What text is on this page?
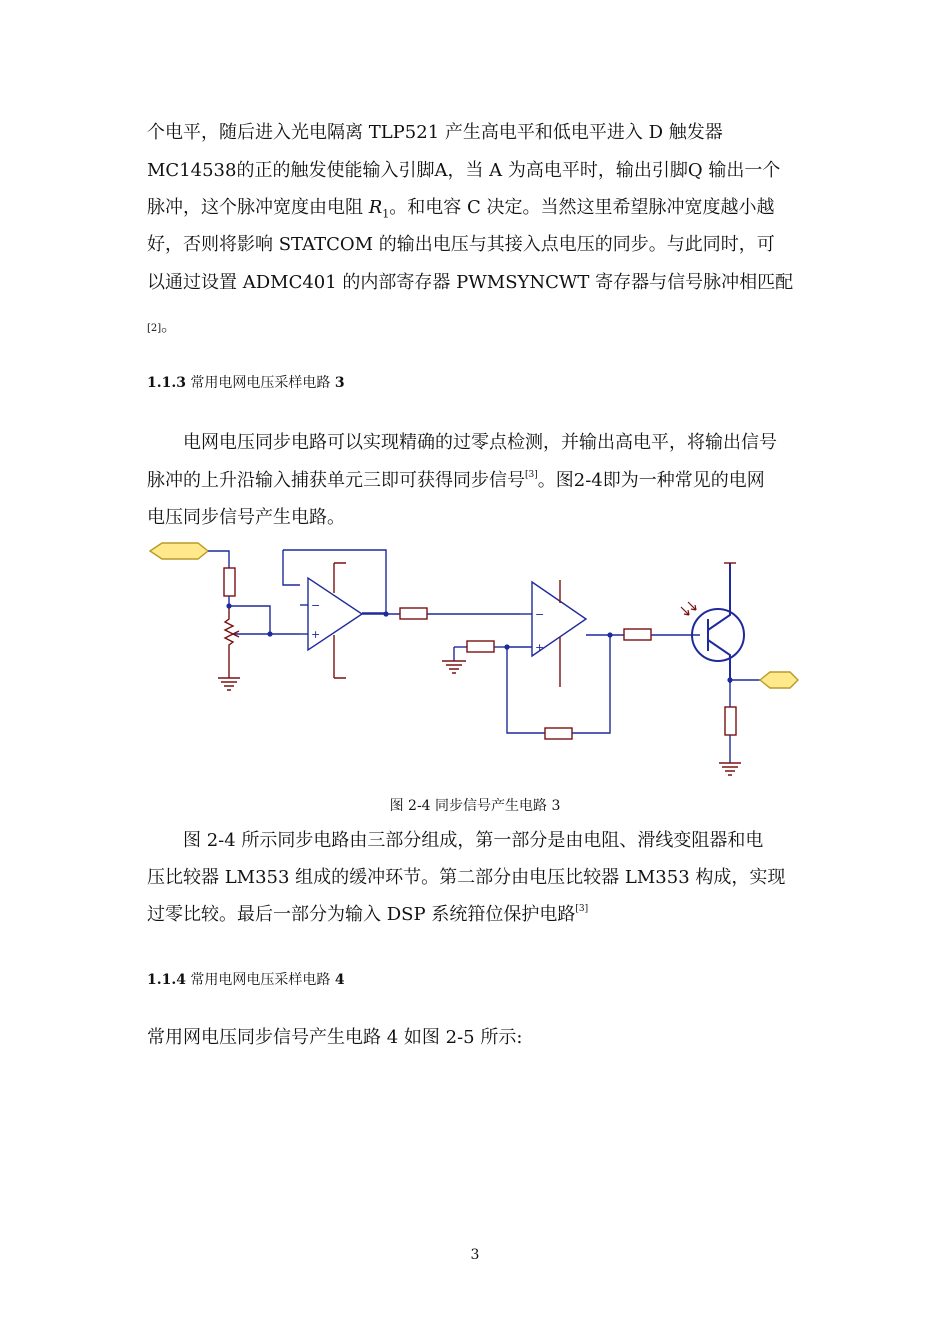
个电平，随后进入光电隔离 TLP521 产生高电平和低电平进入 D 触发器
MC14538的正的触发使能输入引脚A，当 A 为高电平时，输出引脚Q 输出一个
脉冲，这个脉冲宽度由电阻 $R_1$。和电容 C 决定。当然这里希望脉冲宽度越小越
好，否则将影响 STATCOM 的输出电压与其接入点电压的同步。与此同时，可
以通过设置 ADMC401 的内部寄存器 PWMSYNCWT 寄存器与信号脉冲相匹配
[2]。
1.1.3 常用电网电压采样电路 3
电网电压同步电路可以实现精确的过零点检测，并输出高电平，将输出信号
脉冲的上升沿输入捕获单元三即可获得同步信号[3]。图2-4即为一种常见的电网
电压同步信号产生电路。
−
+
−
+
图 2-4 同步信号产生电路 3
图 2-4 所示同步电路由三部分组成，第一部分是由电阻、滑线变阻器和电
压比较器 LM353 组成的缓冲环节。第二部分由电压比较器 LM353 构成，实现
过零比较。最后一部分为输入 DSP 系统箝位保护电路[3]
1.1.4 常用电网电压采样电路 4
常用网电压同步信号产生电路 4 如图 2-5 所示:
3
